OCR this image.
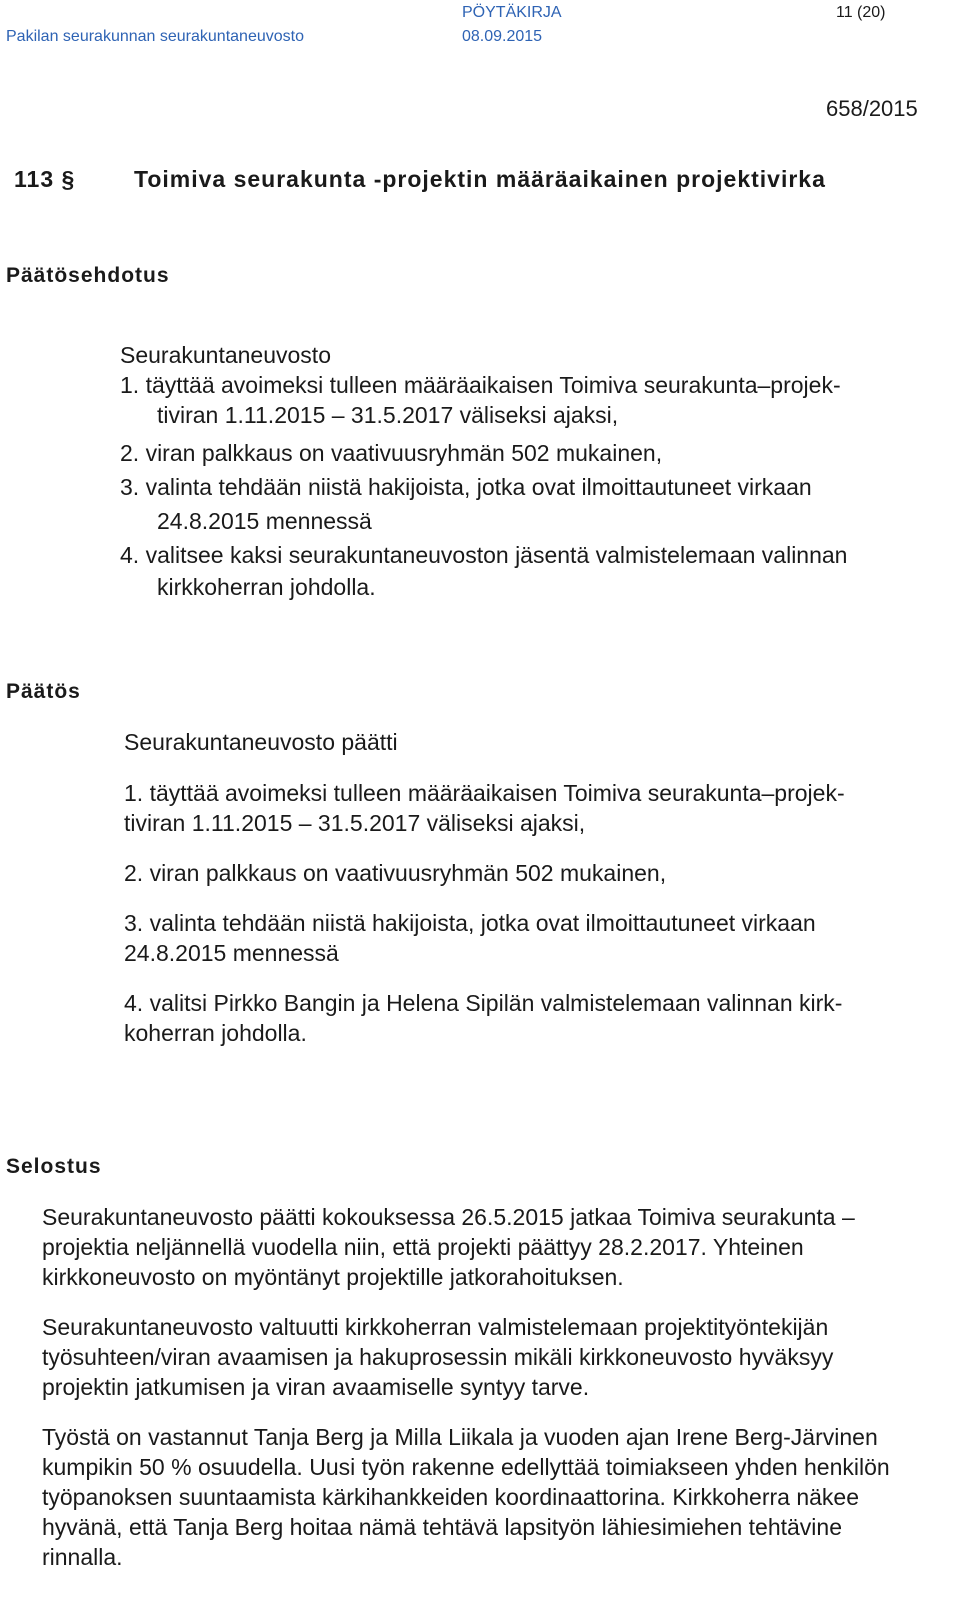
PÖYTÄKIRJA	11 (20)
Pakilan seurakunnan seurakuntaneuvosto	08.09.2015
658/2015
113 §	Toimiva seurakunta -projektin määräaikainen projektivirka
Päätösehdotus
Seurakuntaneuvosto
1. täyttää avoimeksi tulleen määräaikaisen Toimiva seurakunta–projek-
tiviran 1.11.2015 – 31.5.2017 väliseksi ajaksi,
2. viran palkkaus on vaativuusryhmän 502 mukainen,
3. valinta tehdään niistä hakijoista, jotka ovat ilmoittautuneet virkaan
24.8.2015 mennessä
4. valitsee kaksi seurakuntaneuvoston jäsentä valmistelemaan valinnan
kirkkoherran johdolla.
Päätös
Seurakuntaneuvosto päätti
1. täyttää avoimeksi tulleen määräaikaisen Toimiva seurakunta–projek-
tiviran 1.11.2015 – 31.5.2017 väliseksi ajaksi,
2. viran palkkaus on vaativuusryhmän 502 mukainen,
3. valinta tehdään niistä hakijoista, jotka ovat ilmoittautuneet virkaan
24.8.2015 mennessä
4. valitsi Pirkko Bangin ja Helena Sipilän valmistelemaan valinnan kirk-
koherran johdolla.
Selostus
Seurakuntaneuvosto päätti kokouksessa 26.5.2015 jatkaa Toimiva seurakunta – projektia neljännellä vuodella niin, että projekti päättyy 28.2.2017. Yhteinen kirkkoneuvosto on myöntänyt projektille jatkorahoituksen.
Seurakuntaneuvosto valtuutti kirkkoherran valmistelemaan projektityöntekijän työsuhteen/viran avaamisen ja hakuprosessin mikäli kirkkoneuvosto hyväksyy projektin jatkumisen ja viran avaamiselle syntyy tarve.
Työstä on vastannut Tanja Berg ja Milla Liikala ja vuoden ajan Irene Berg-Järvinen kumpikin 50 % osuudella. Uusi työn rakenne edellyttää toimiakseen yhden henkilön työpanoksen suuntaamista kärkihankkeiden koordinaattorina. Kirkkoherra näkee hyvänä, että Tanja Berg hoitaa nämä tehtävä lapsityön lähiesimiehen tehtävine rinnalla.
